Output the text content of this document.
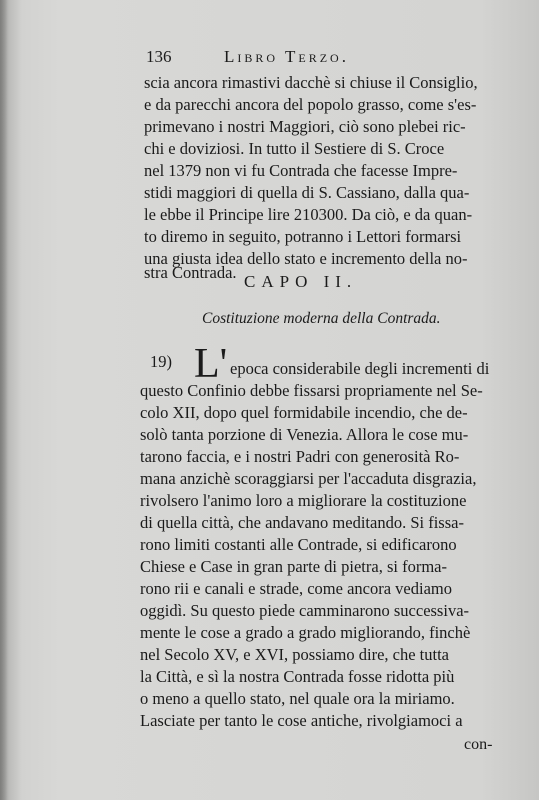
136	Libro Terzo.
scia ancora rimastivi dacchè si chiuse il Consiglio,
e da parecchi ancora del popolo grasso, come s'es-
primevano i nostri Maggiori, ciò sono plebei ric-
chi e doviziosi. In tutto il Sestiere di S. Croce
nel 1379 non vi fu Contrada che facesse Impre-
stidi maggiori di quella di S. Cassiano, dalla qua-
le ebbe il Principe lire 210300. Da ciò, e da quan-
to diremo in seguito, potranno i Lettori formarsi
una giusta idea dello stato e incremento della no-
CAPO II.
Costituzione moderna della Contrada.
19) L' epoca considerabile degli incrementi di
questo Confinio debbe fissarsi propriamente nel Se-
colo XII, dopo quel formidabile incendio, che de-
solò tanta porzione di Venezia. Allora le cose mu-
tarono faccia, e i nostri Padri con generosità Ro-
mana anzichè scoraggiarsi per l'accaduta disgrazia,
rivolsero l'animo loro a migliorare la costituzione
di quella città, che andavano meditando. Si fissa-
rono limiti costanti alle Contrade, si edificarono
Chiese e Case in gran parte di pietra, si forma-
rono rii e canali e strade, come ancora vediamo
oggidì. Su questo piede camminarono successiva-
mente le cose a grado a grado migliorando, finchè
nel Secolo XV, e XVI, possiamo dire, che tutta
la Città, e sì la nostra Contrada fosse ridotta più
o meno a quello stato, nel quale ora la miriamo.
Lasciate per tanto le cose antiche, rivolgiamoci a
con-
stra Contrada.
